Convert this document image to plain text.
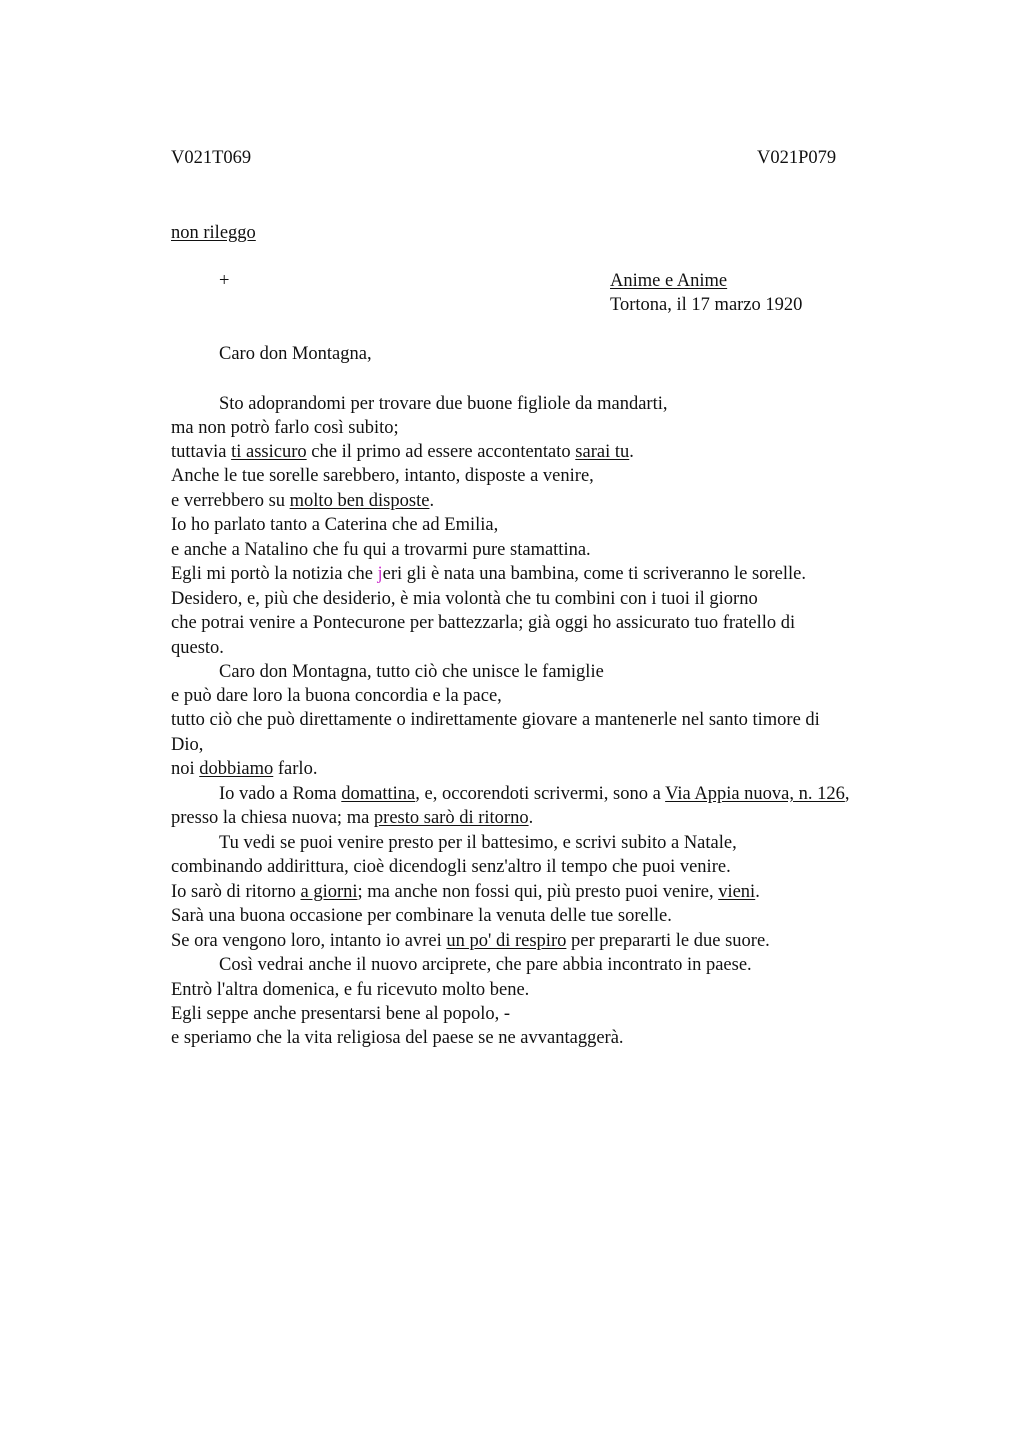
V021T069	V021P079
non rileggo
+	Anime e Anime
Tortona, il 17 marzo 1920
Caro don Montagna,
Sto adoprandomi per trovare due buone figliole da mandarti,
ma non potrò farlo così subito;
tuttavia ti assicuro che il primo ad essere accontentato sarai tu.
Anche le tue sorelle sarebbero, intanto, disposte a venire,
e verrebbero su molto ben disposte.
Io ho parlato tanto a Caterina che ad Emilia,
e anche a Natalino che fu qui a trovarmi pure stamattina.
Egli mi portò la notizia che jeri gli è nata una bambina, come ti scriveranno le sorelle.
Desidero, e, più che desiderio, è mia volontà che tu combini con i tuoi il giorno
che potrai venire a Pontecurone per battezzarla; già oggi ho assicurato tuo fratello di
questo.
Caro don Montagna, tutto ciò che unisce le famiglie
e può dare loro la buona concordia e la pace,
tutto ciò che può direttamente o indirettamente giovare a mantenerle nel santo timore di
Dio,
noi dobbiamo farlo.
Io vado a Roma domattina, e, occorendoti scrivermi, sono a Via Appia nuova, n. 126,
presso la chiesa nuova; ma presto sarò di ritorno.
Tu vedi se puoi venire presto per il battesimo, e scrivi subito a Natale,
combinando addirittura, cioè dicendogli senz'altro il tempo che puoi venire.
Io sarò di ritorno a giorni; ma anche non fossi qui, più presto puoi venire, vieni.
Sarà una buona occasione per combinare la venuta delle tue sorelle.
Se ora vengono loro, intanto io avrei un po' di respiro per prepararti le due suore.
Così vedrai anche il nuovo arciprete, che pare abbia incontrato in paese.
Entrò l'altra domenica, e fu ricevuto molto bene.
Egli seppe anche presentarsi bene al popolo, -
e speriamo che la vita religiosa del paese se ne avvantaggerà.
